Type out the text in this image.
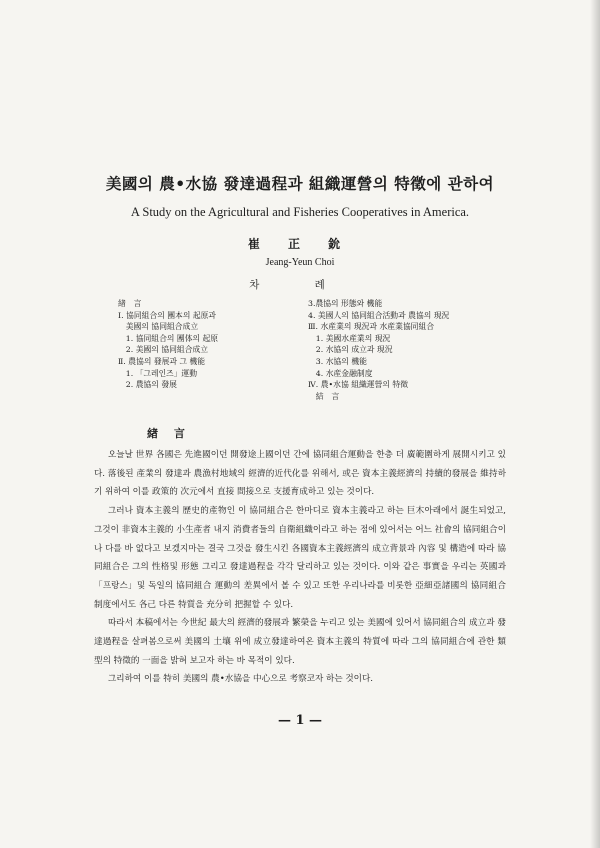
美國의 農•水協 發達過程과 組織運營의 特徵에 관하여
A Study on the Agricultural and Fisheries Cooperatives in America.
崔 正 鈗
Jeang-Yeun Choi
차 례
緖　言
Ⅰ. 協同組合의 團本의 起原과
　美國의 協同組合成立
　1. 協同組合의 團体의 起原
　2. 美國의 協同組合成立
Ⅱ. 農協의 發展과 그 機能
　1. 「그레인즈」運動
　2. 農協의 發展
3.農協의 形態와 機能
4. 美國人의 協同組合活動과 農協의 現況
Ⅲ. 水産業의 現況과 水産業協同組合
　1. 美國水産業의 現況
　2. 水協의 成立과 現況
　3. 水協의 機能
　4. 水産金融制度
Ⅳ. 農•水協 組織運營의 特徵
　結　言
緖 言

오늘날 世界 各國은 先進國이던 開發途上國이던 간에 協同組合運動을 한층 더 廣範圍하게 展開시키고 있다. 落後된 產業의 發達과 農漁村地域의 經濟的近代化를 위해서, 或은 資本主義經濟의 持續的發展을 維持하기 위하여 이를 政策的 次元에서 直接 間接으로 支援育成하고 있는 것이다.

그러나 資本主義의 歷史的產物인 이 協同組合은 한마디로 資本主義라고 하는 巨木아래에서 誕生되었고, 그것이 非資本主義的 小生產者 내지 消費者들의 自衛組織이라고 하는 점에 있어서는 어느 社會의 協同組合이나 다를 바 없다고 보겠지마는 결국 그것을 發生시킨 各國資本主義經濟의 成立背景과 內容 및 構造에 따라 協同組合은 그의 性格및 形態 그리고 發達過程을 각각 달리하고 있는 것이다. 이와 같은 事實을 우리는 英國과 「프랑스」및 독일의 協同組合 運動의 差異에서 볼 수 있고 또한 우리나라를 비롯한 亞細亞諸國의 協同組合制度에서도 各己 다른 特質을 充分히 把握할 수 있다.

따라서 本稿에서는 今世紀 最大의 經濟的發展과 繁榮을 누리고 있는 美國에 있어서 協同組合의 成立과 發達過程을 살펴봄으로써 美國의 土壤 위에 成立發達하여온 資本主義의 特質에 따라 그의 協同組合에 관한 類型의 特徵的 一面을 밝혀 보고자 하는 바 목적이 있다.

그리하여 이를 特히 美國의 農•水協을 中心으로 考察코자 하는 것이다.

— 1 —
